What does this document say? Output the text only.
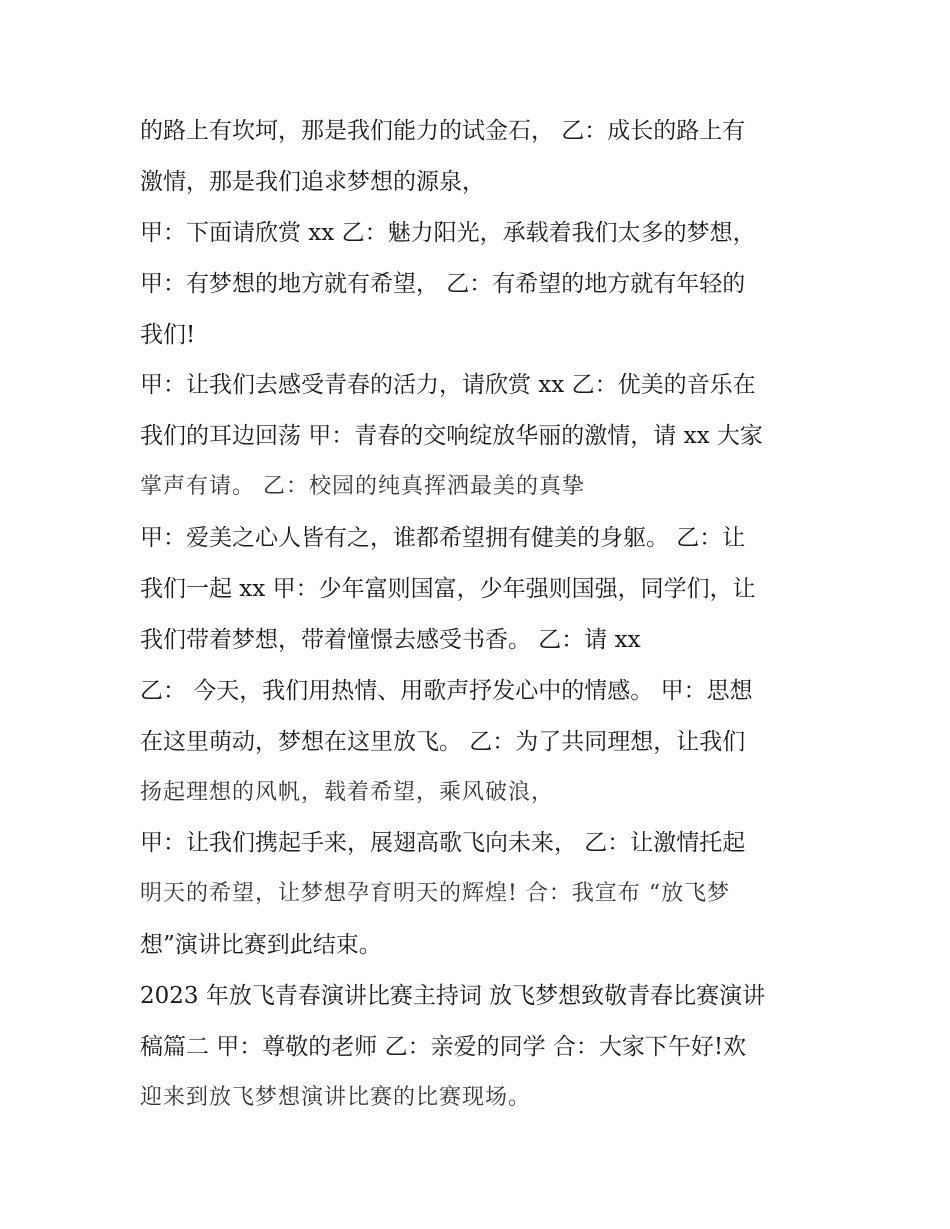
的路上有坎坷，那是我们能力的试金石， 乙：成长的路上有
激情，那是我们追求梦想的源泉，
甲：下面请欣赏 xx 乙：魅力阳光，承载着我们太多的梦想，
甲：有梦想的地方就有希望， 乙：有希望的地方就有年轻的
我们!
甲：让我们去感受青春的活力，请欣赏 xx 乙：优美的音乐在
我们的耳边回荡 甲：青春的交响绽放华丽的激情，请 xx 大家
掌声有请。 乙：校园的纯真挥洒最美的真挚
甲：爱美之心人皆有之，谁都希望拥有健美的身躯。 乙：让
我们一起 xx 甲：少年富则国富，少年强则国强，同学们，让
我们带着梦想，带着憧憬去感受书香。 乙：请 xx
乙： 今天，我们用热情、用歌声抒发心中的情感。 甲：思想
在这里萌动，梦想在这里放飞。 乙：为了共同理想，让我们
扬起理想的风帆，载着希望，乘风破浪，
甲：让我们携起手来，展翅高歌飞向未来， 乙：让激情托起
明天的希望，让梦想孕育明天的辉煌! 合：我宣布 “放飞梦
想”演讲比赛到此结束。
2023 年放飞青春演讲比赛主持词 放飞梦想致敬青春比赛演讲
稿篇二 甲：尊敬的老师 乙：亲爱的同学 合：大家下午好!欢
迎来到放飞梦想演讲比赛的比赛现场。
